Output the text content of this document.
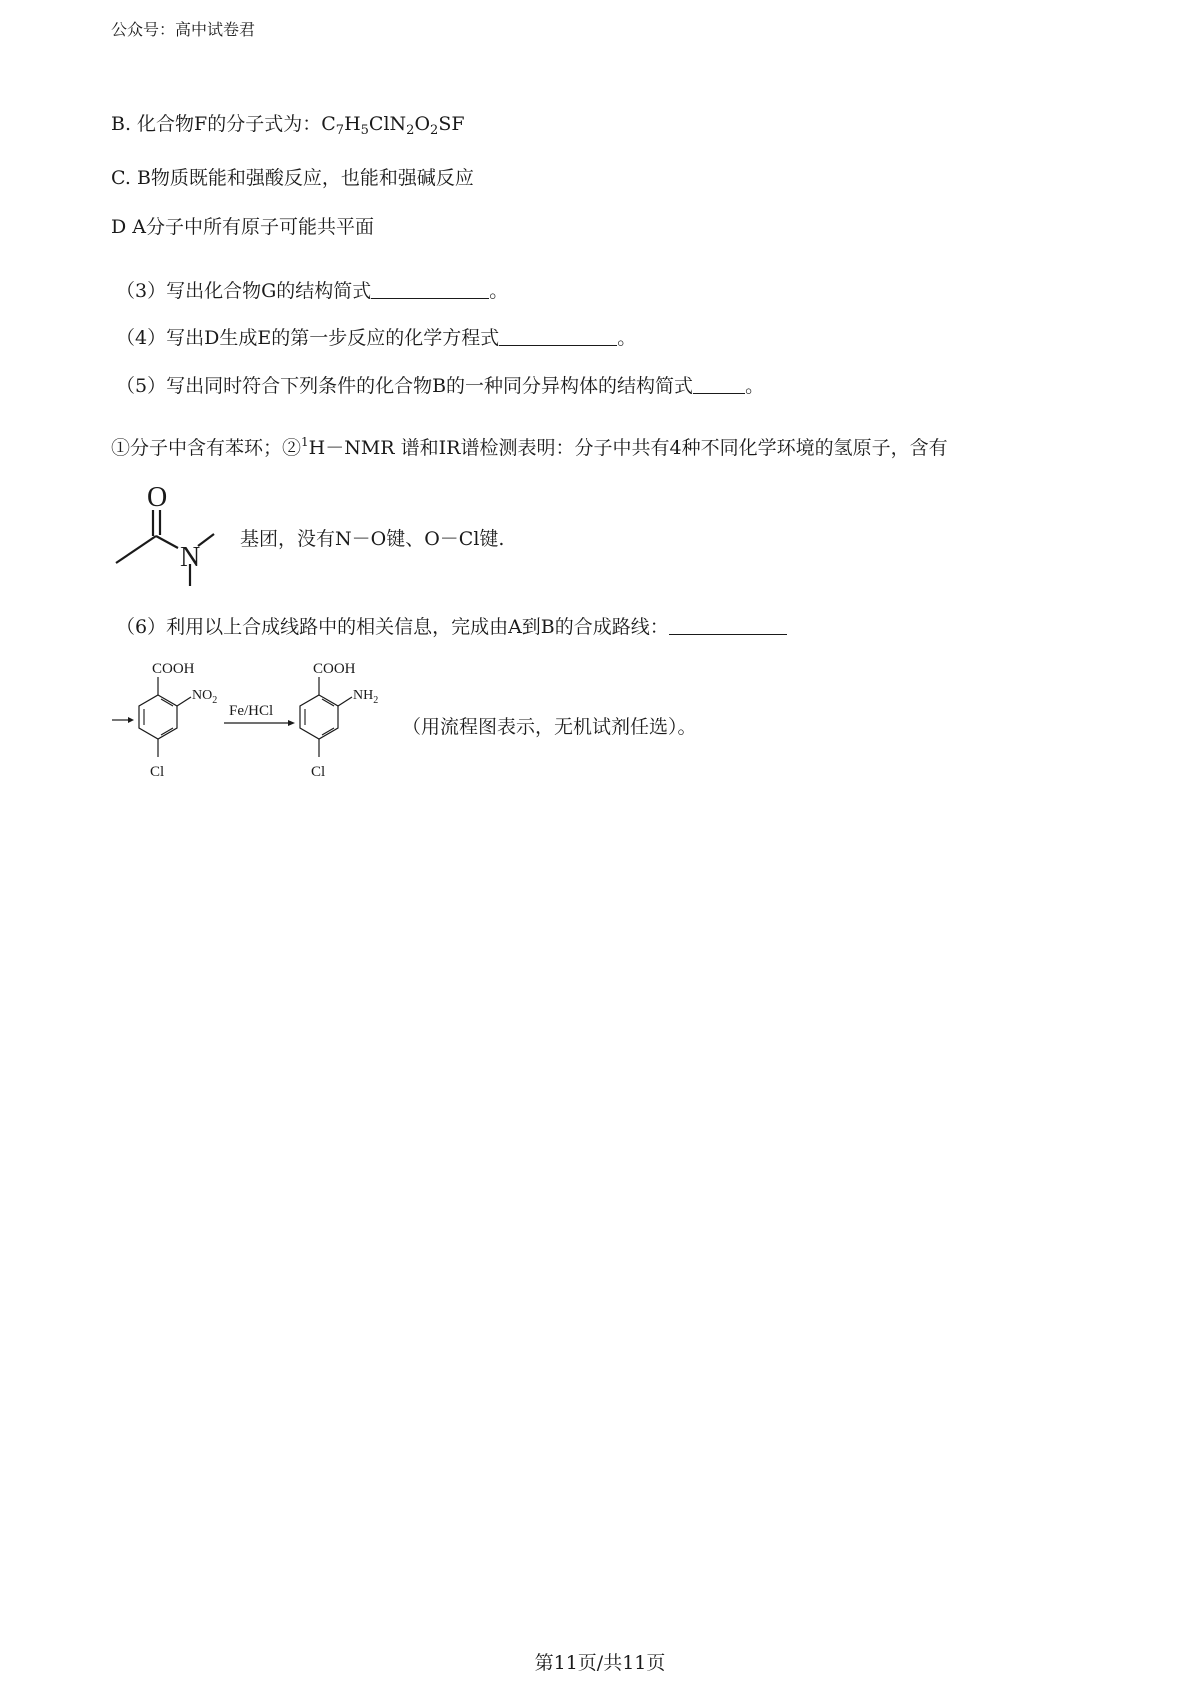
公众号：高中试卷君
B. 化合物F的分子式为：$C_7H_5ClN_2O_2SF$
C. B物质既能和强酸反应，也能和强碱反应
D A分子中所有原子可能共平面
（3）写出化合物G的结构简式	。
（4）写出D生成E的第一步反应的化学方程式	。
（5）写出同时符合下列条件的化合物B的一种同分异构体的结构简式	。
①分子中含有苯环；②$^1$H－NMR 谱和IR谱检测表明：分子中共有4种不同化学环境的氢原子，含有
O
N
基团，没有N－O键、O－Cl键.
（6）利用以上合成线路中的相关信息，完成由A到B的合成路线：
COOH
$NO_2$
Cl
Fe/HCl
COOH
$NH_2$
Cl
（用流程图表示，无机试剂任选）。
第11页/共11页
